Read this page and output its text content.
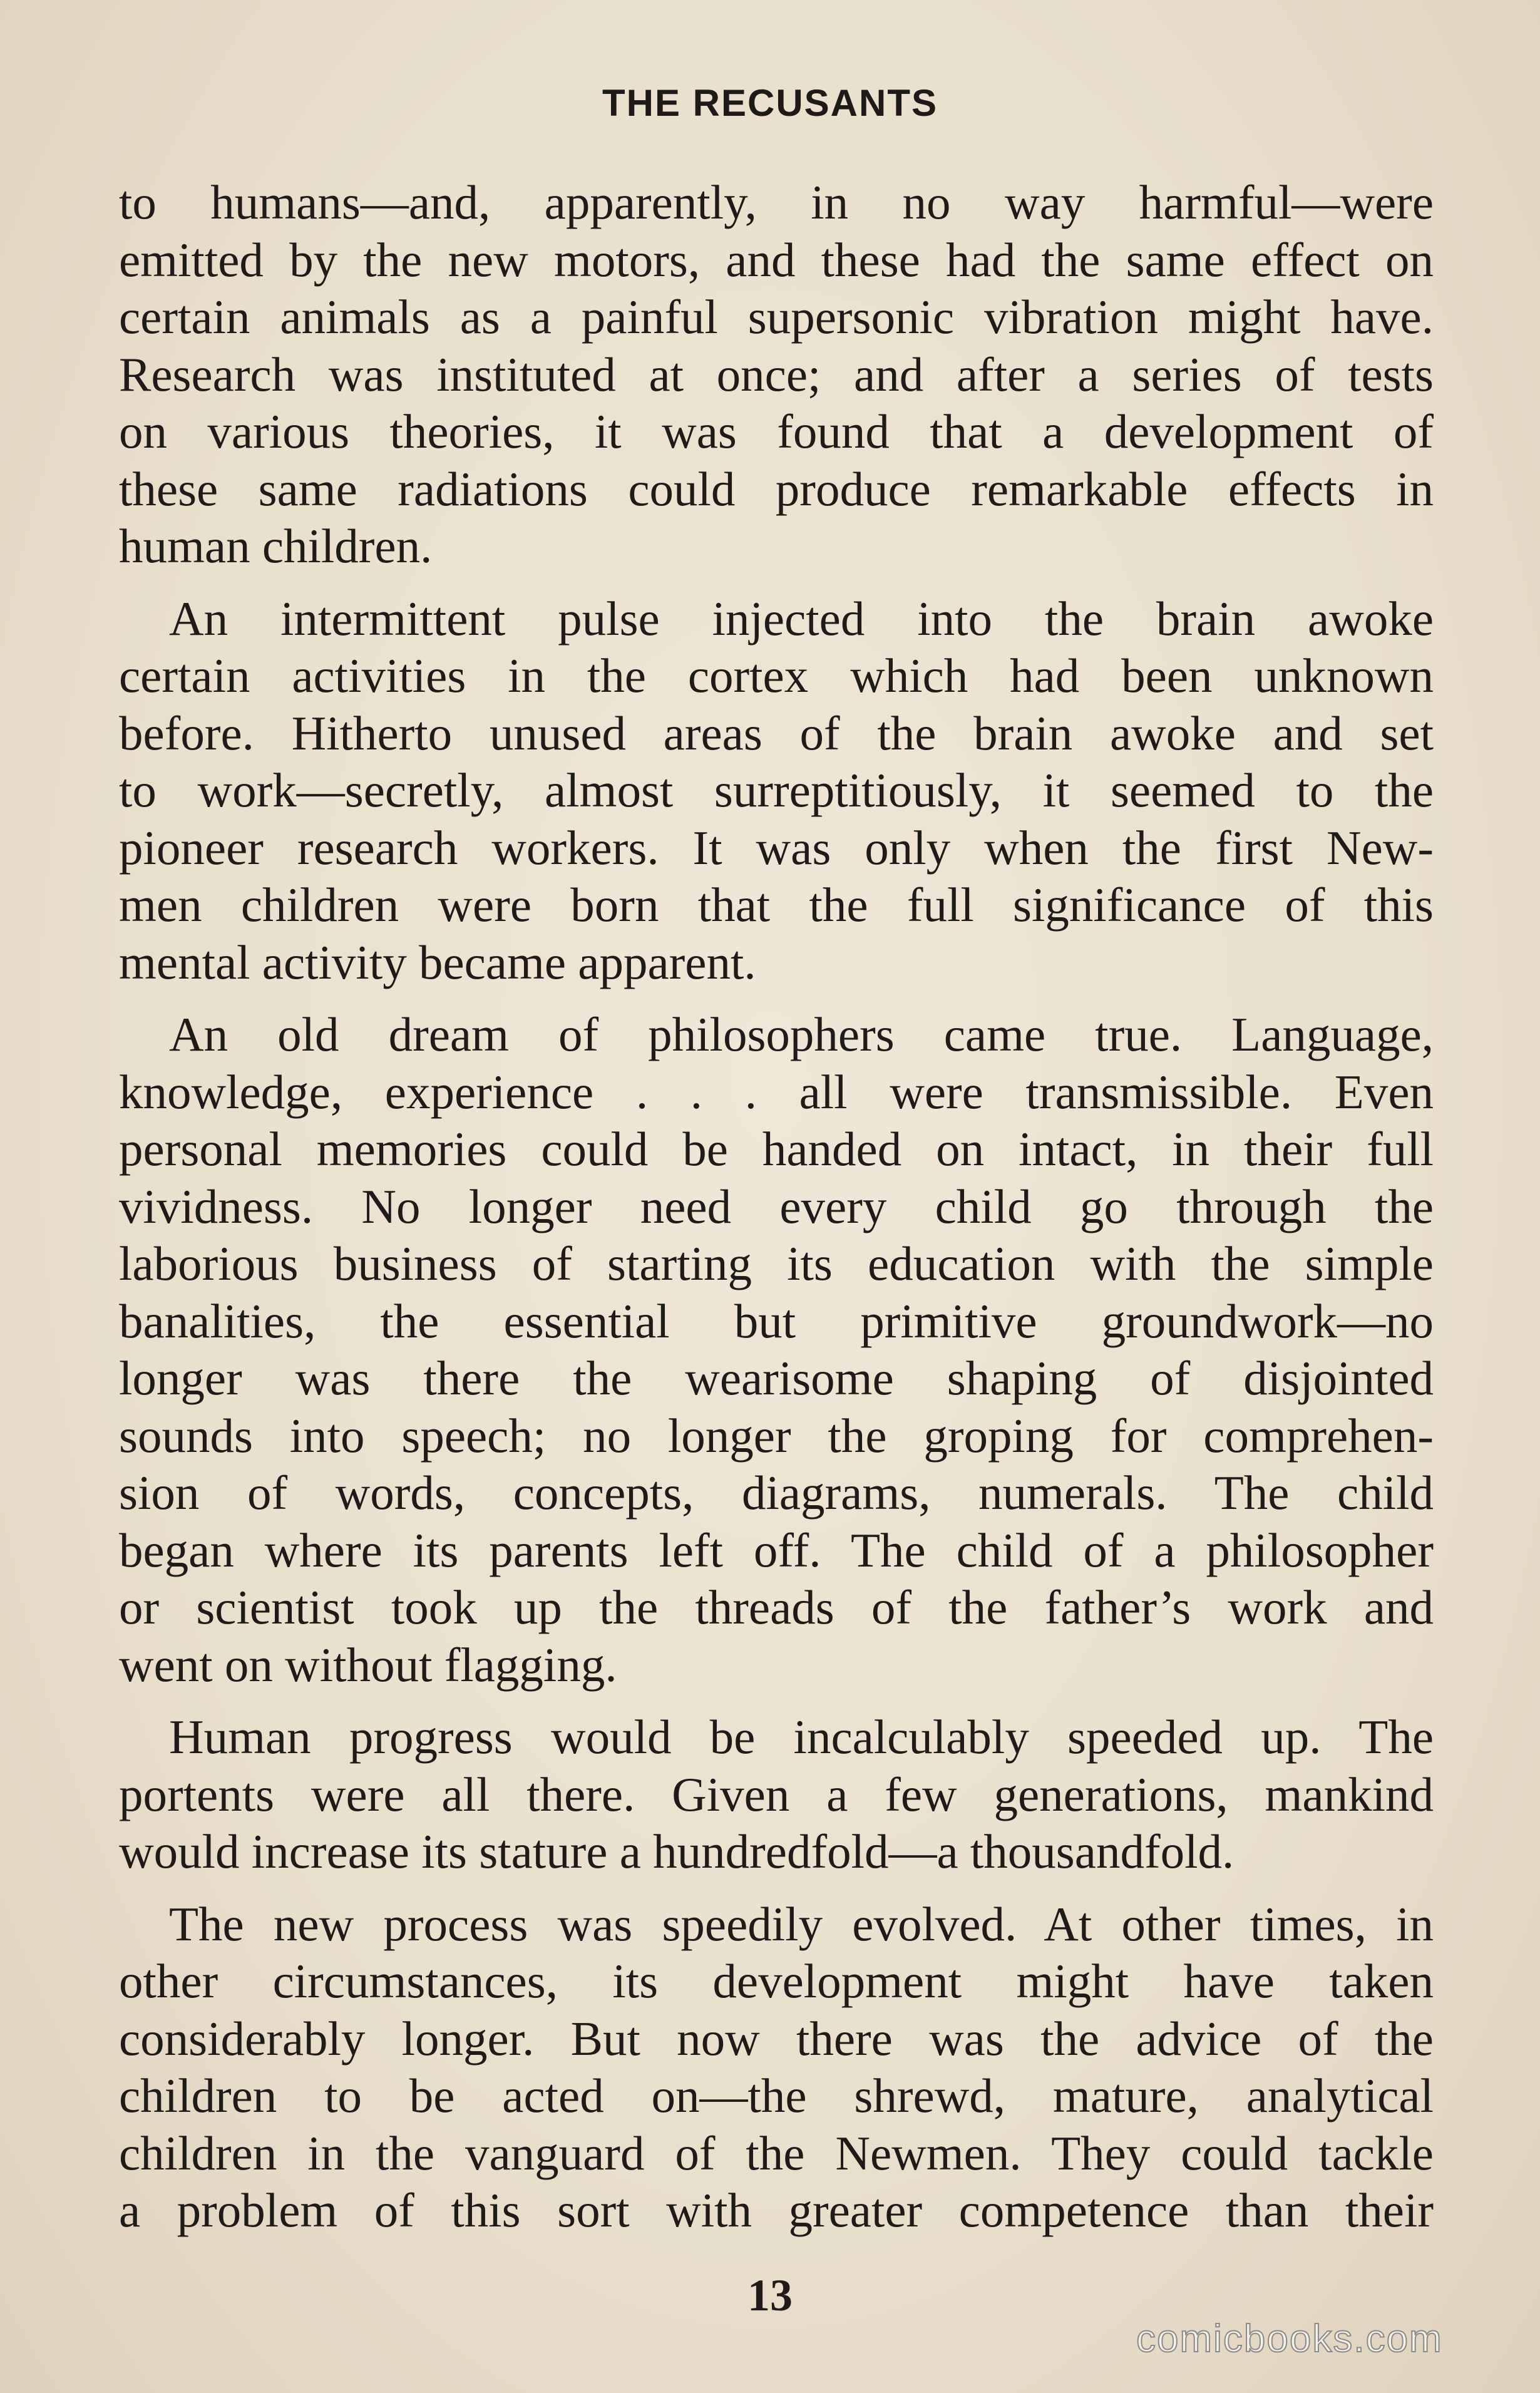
THE RECUSANTS
to humans—and, apparently, in no way harmful—were
emitted by the new motors, and these had the same effect on
certain animals as a painful supersonic vibration might have.
Research was instituted at once; and after a series of tests
on various theories, it was found that a development of
these same radiations could produce remarkable effects in
human children.
An intermittent pulse injected into the brain awoke
certain activities in the cortex which had been unknown
before. Hitherto unused areas of the brain awoke and set
to work—secretly, almost surreptitiously, it seemed to the
pioneer research workers. It was only when the first New-
men children were born that the full significance of this
mental activity became apparent.
An old dream of philosophers came true. Language,
knowledge, experience . . . all were transmissible. Even
personal memories could be handed on intact, in their full
vividness. No longer need every child go through the
laborious business of starting its education with the simple
banalities, the essential but primitive groundwork—no
longer was there the wearisome shaping of disjointed
sounds into speech; no longer the groping for comprehen-
sion of words, concepts, diagrams, numerals. The child
began where its parents left off. The child of a philosopher
or scientist took up the threads of the father’s work and
went on without flagging.
Human progress would be incalculably speeded up. The
portents were all there. Given a few generations, mankind
would increase its stature a hundredfold—a thousandfold.
The new process was speedily evolved. At other times, in
other circumstances, its development might have taken
considerably longer. But now there was the advice of the
children to be acted on—the shrewd, mature, analytical
children in the vanguard of the Newmen. They could tackle
a problem of this sort with greater competence than their
13
comicbooks.com
